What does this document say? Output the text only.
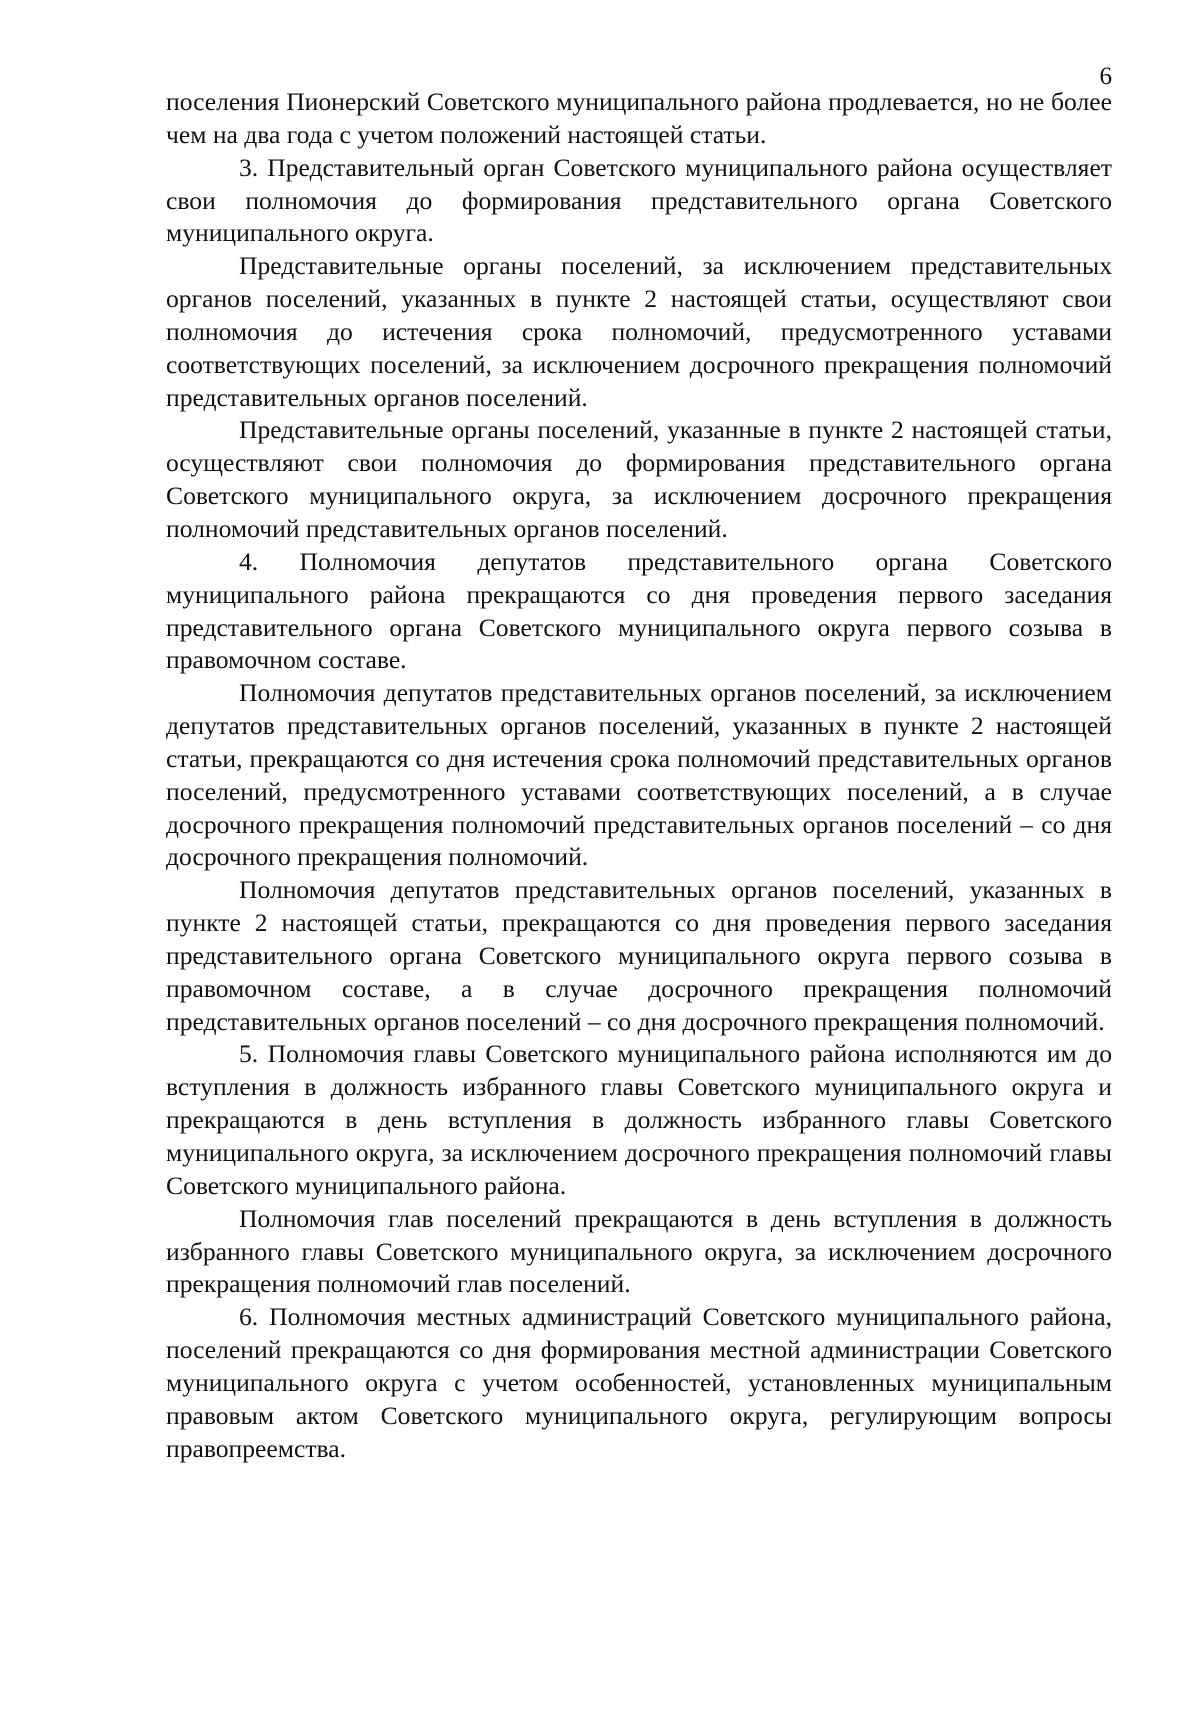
6

поселения Пионерский Советского муниципального района продлевается, но не более чем на два года с учетом положений настоящей статьи.

3. Представительный орган Советского муниципального района осуществляет свои полномочия до формирования представительного органа Советского муниципального округа.

Представительные органы поселений, за исключением представительных органов поселений, указанных в пункте 2 настоящей статьи, осуществляют свои полномочия до истечения срока полномочий, предусмотренного уставами соответствующих поселений, за исключением досрочного прекращения полномочий представительных органов поселений.

Представительные органы поселений, указанные в пункте 2 настоящей статьи, осуществляют свои полномочия до формирования представительного органа Советского муниципального округа, за исключением досрочного прекращения полномочий представительных органов поселений.

4. Полномочия депутатов представительного органа Советского муниципального района прекращаются со дня проведения первого заседания представительного органа Советского муниципального округа первого созыва в правомочном составе.

Полномочия депутатов представительных органов поселений, за исключением депутатов представительных органов поселений, указанных в пункте 2 настоящей статьи, прекращаются со дня истечения срока полномочий представительных органов поселений, предусмотренного уставами соответствующих поселений, а в случае досрочного прекращения полномочий представительных органов поселений – со дня досрочного прекращения полномочий.

Полномочия депутатов представительных органов поселений, указанных в пункте 2 настоящей статьи, прекращаются со дня проведения первого заседания представительного органа Советского муниципального округа первого созыва в правомочном составе, а в случае досрочного прекращения полномочий представительных органов поселений – со дня досрочного прекращения полномочий.

5. Полномочия главы Советского муниципального района исполняются им до вступления в должность избранного главы Советского муниципального округа и прекращаются в день вступления в должность избранного главы Советского муниципального округа, за исключением досрочного прекращения полномочий главы Советского муниципального района.

Полномочия глав поселений прекращаются в день вступления в должность избранного главы Советского муниципального округа, за исключением досрочного прекращения полномочий глав поселений.

6. Полномочия местных администраций Советского муниципального района, поселений прекращаются со дня формирования местной администрации Советского муниципального округа с учетом особенностей, установленных муниципальным правовым актом Советского муниципального округа, регулирующим вопросы правопреемства.
